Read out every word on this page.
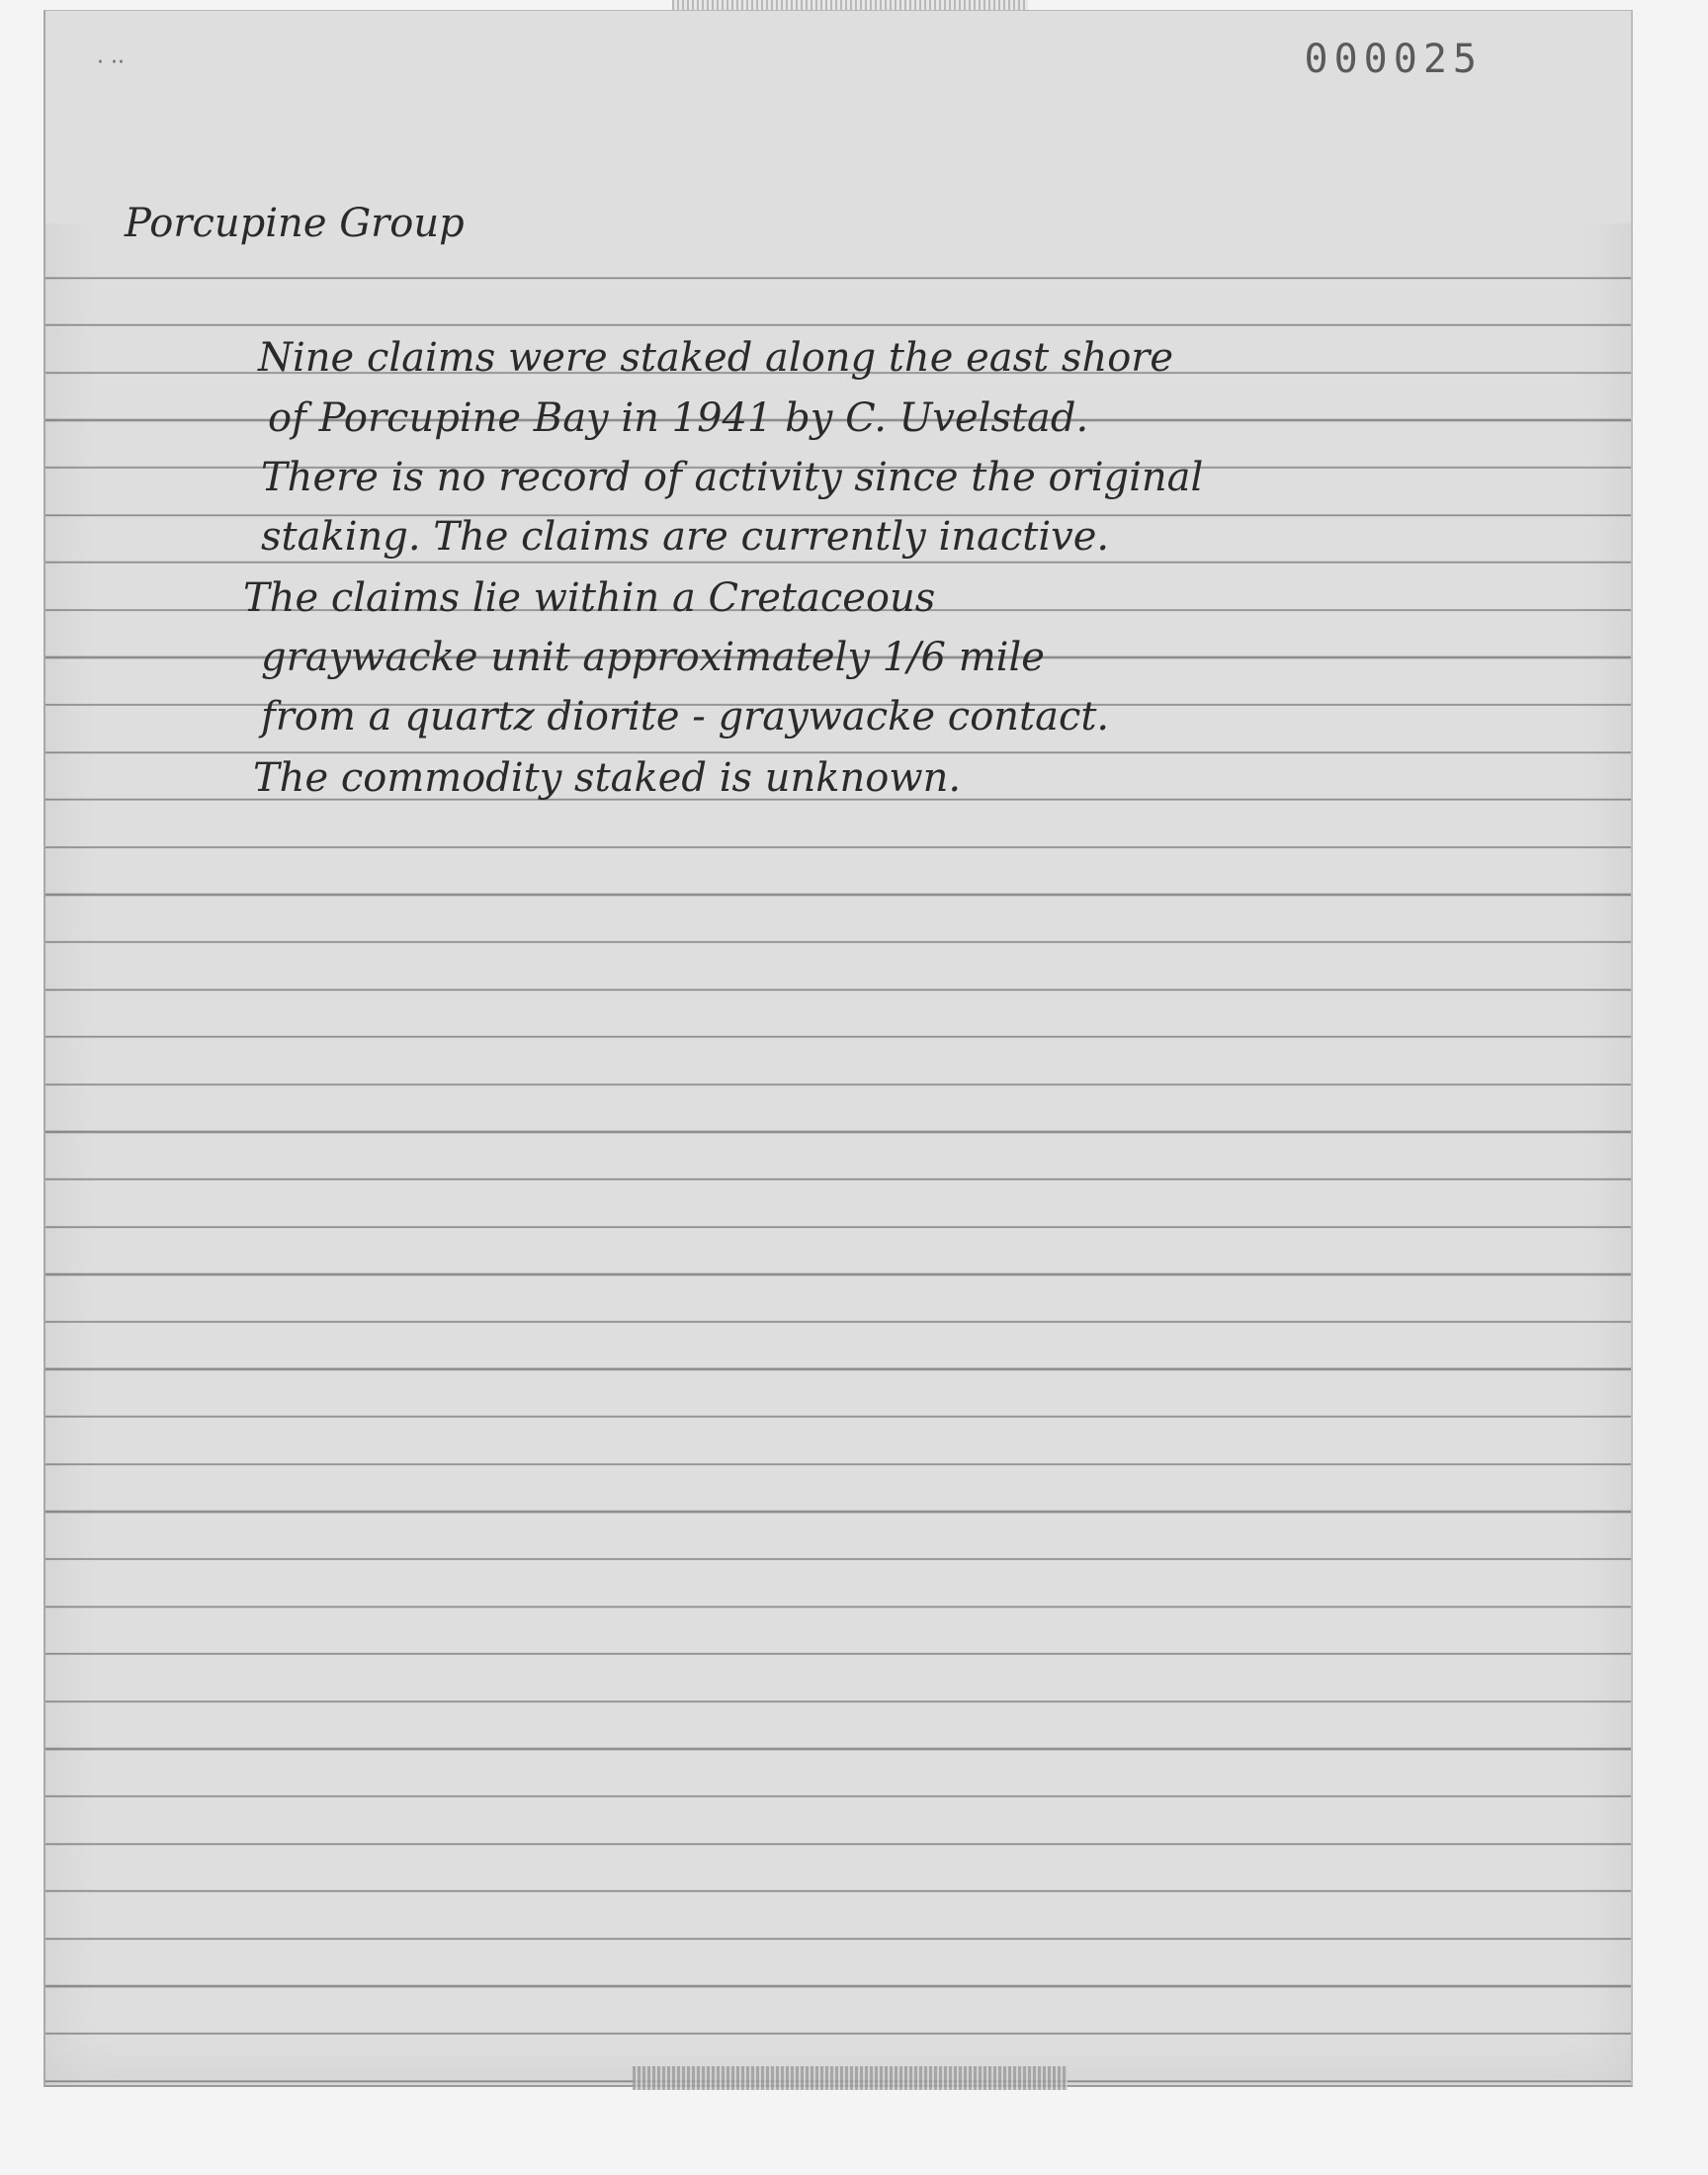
· ··	000025
Porcupine Group
Nine claims were staked along the east shore
of Porcupine Bay in 1941 by C. Uvelstad.
There is no record of activity since the original
staking. The claims are currently inactive.
The claims lie within a Cretaceous
graywacke unit approximately 1/6 mile
from a quartz diorite - graywacke contact.
The commodity staked is unknown.
